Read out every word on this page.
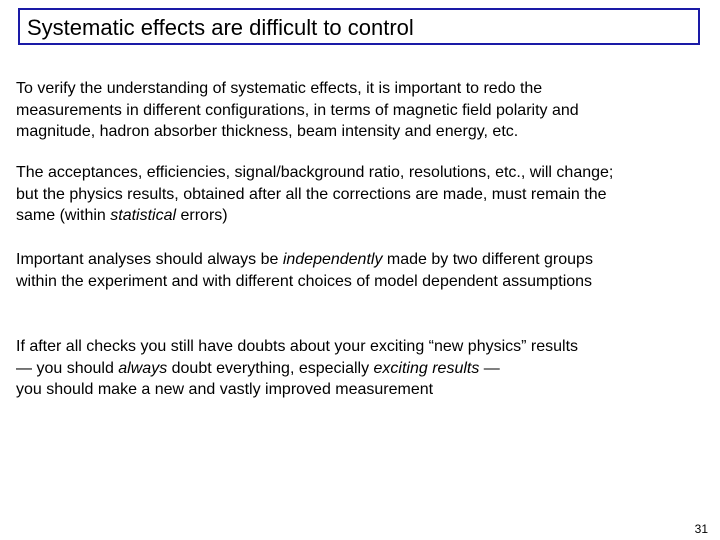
Systematic effects are difficult to control

To verify the understanding of systematic effects, it is important to redo the
measurements in different configurations, in terms of magnetic field polarity and
magnitude, hadron absorber thickness, beam intensity and energy, etc.

The acceptances, efficiencies, signal/background ratio, resolutions, etc., will change;
but the physics results, obtained after all the corrections are made, must remain the
same (within statistical errors)

Important analyses should always be independently made by two different groups
within the experiment and with different choices of model dependent assumptions

If after all checks you still have doubts about your exciting “new physics” results
— you should always doubt everything, especially exciting results —
you should make a new and vastly improved measurement

31
